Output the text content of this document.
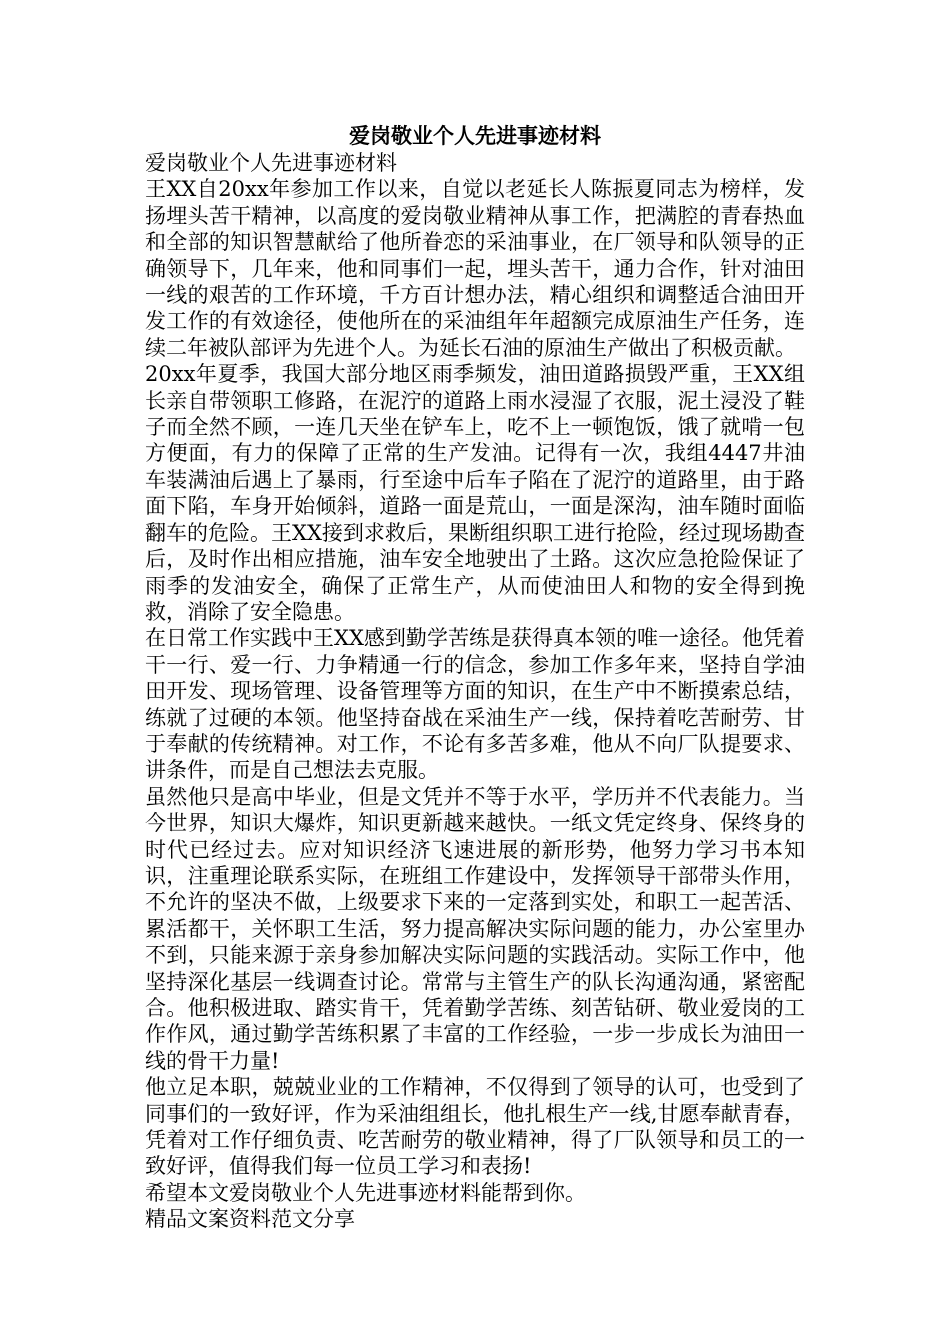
爱岗敬业个人先进事迹材料

爱岗敬业个人先进事迹材料

王XX自20xx年参加工作以来，自觉以老延长人陈振夏同志为榜样，发扬埋头苦干精神，以高度的爱岗敬业精神从事工作，把满腔的青春热血和全部的知识智慧献给了他所眷恋的采油事业，在厂领导和队领导的正确领导下，几年来，他和同事们一起，埋头苦干，通力合作，针对油田一线的艰苦的工作环境，千方百计想办法，精心组织和调整适合油田开发工作的有效途径，使他所在的采油组年年超额完成原油生产任务，连续二年被队部评为先进个人。为延长石油的原油生产做出了积极贡献。

20xx年夏季，我国大部分地区雨季频发，油田道路损毁严重，王XX组长亲自带领职工修路，在泥泞的道路上雨水浸湿了衣服，泥土浸没了鞋子而全然不顾，一连几天坐在铲车上，吃不上一顿饱饭，饿了就啃一包方便面，有力的保障了正常的生产发油。记得有一次，我组4447井油车装满油后遇上了暴雨，行至途中后车子陷在了泥泞的道路里，由于路面下陷，车身开始倾斜，道路一面是荒山，一面是深沟，油车随时面临翻车的危险。王XX接到求救后，果断组织职工进行抢险，经过现场勘查后，及时作出相应措施，油车安全地驶出了土路。这次应急抢险保证了雨季的发油安全，确保了正常生产，从而使油田人和物的安全得到挽救，消除了安全隐患。

在日常工作实践中王XX感到勤学苦练是获得真本领的唯一途径。他凭着干一行、爱一行、力争精通一行的信念，参加工作多年来，坚持自学油田开发、现场管理、设备管理等方面的知识，在生产中不断摸索总结，练就了过硬的本领。他坚持奋战在采油生产一线，保持着吃苦耐劳、甘于奉献的传统精神。对工作，不论有多苦多难，他从不向厂队提要求、讲条件，而是自己想法去克服。

虽然他只是高中毕业，但是文凭并不等于水平，学历并不代表能力。当今世界，知识大爆炸，知识更新越来越快。一纸文凭定终身、保终身的时代已经过去。应对知识经济飞速进展的新形势，他努力学习书本知识，注重理论联系实际，在班组工作建设中，发挥领导干部带头作用，不允许的坚决不做，上级要求下来的一定落到实处，和职工一起苦活、累活都干，关怀职工生活，努力提高解决实际问题的能力，办公室里办不到，只能来源于亲身参加解决实际问题的实践活动。实际工作中，他坚持深化基层一线调查讨论。常常与主管生产的队长沟通沟通，紧密配合。他积极进取、踏实肯干，凭着勤学苦练、刻苦钻研、敬业爱岗的工作作风，通过勤学苦练积累了丰富的工作经验，一步一步成长为油田一线的骨干力量!

他立足本职，兢兢业业的工作精神，不仅得到了领导的认可，也受到了同事们的一致好评，作为采油组组长，他扎根生产一线,甘愿奉献青春，凭着对工作仔细负责、吃苦耐劳的敬业精神，得了厂队领导和员工的一致好评，值得我们每一位员工学习和表扬!

希望本文爱岗敬业个人先进事迹材料能帮到你。

精品文案资料范文分享
